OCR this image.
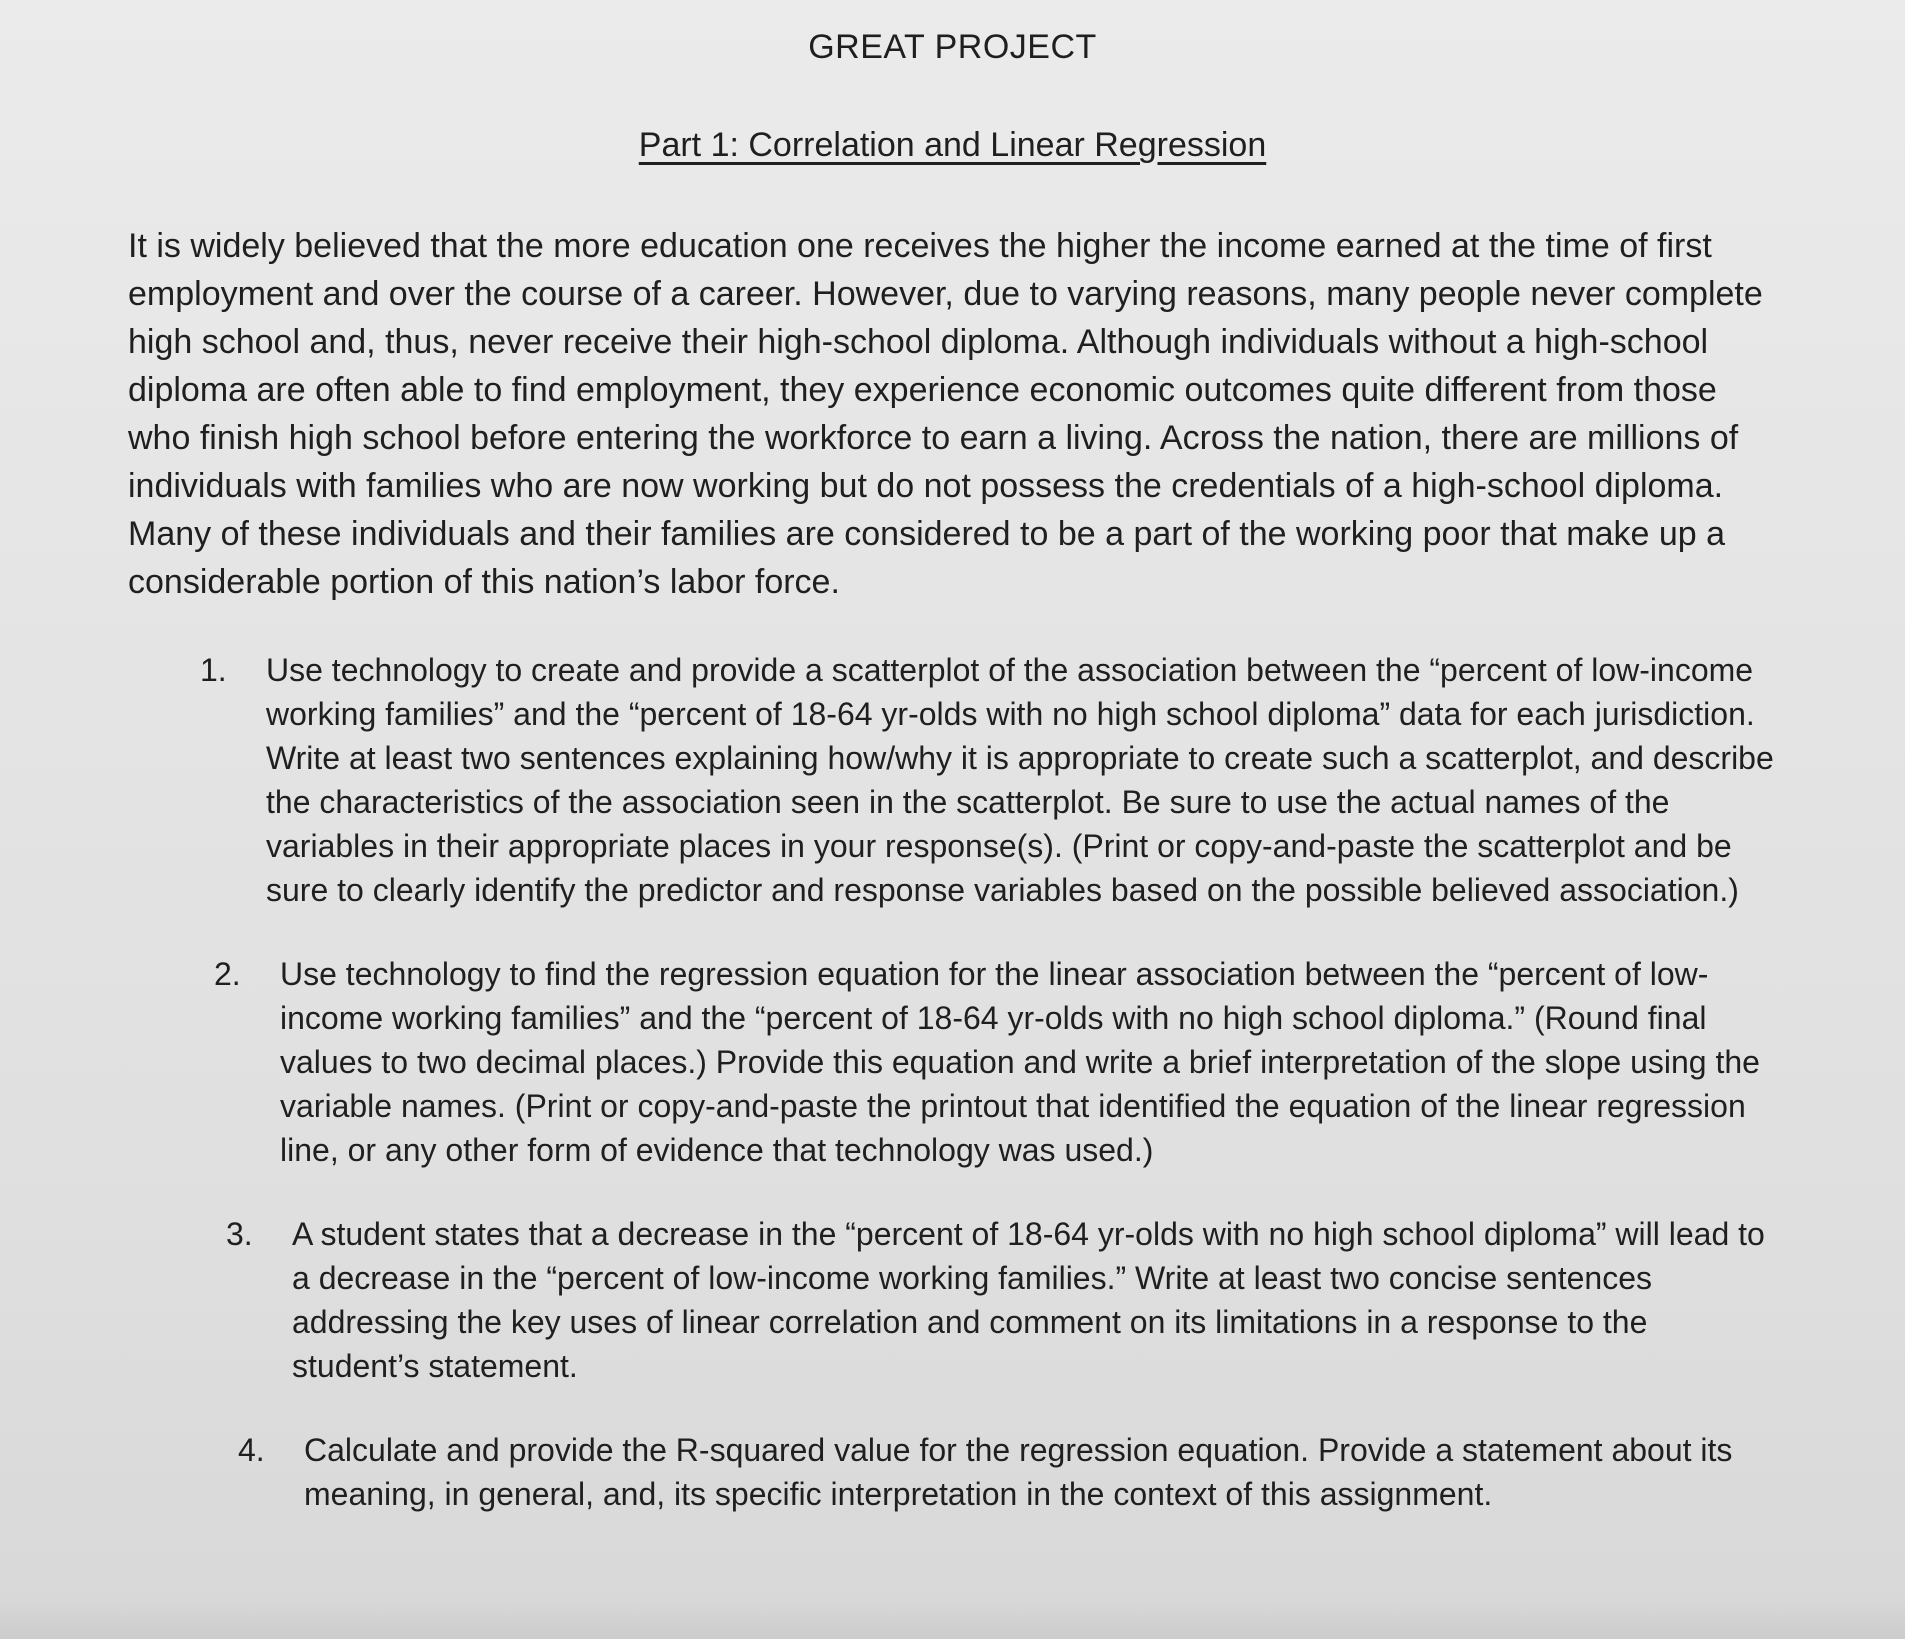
GREAT PROJECT
Part 1: Correlation and Linear Regression

It is widely believed that the more education one receives the higher the income earned at the time of first employment and over the course of a career. However, due to varying reasons, many people never complete high school and, thus, never receive their high-school diploma. Although individuals without a high-school diploma are often able to find employment, they experience economic outcomes quite different from those who finish high school before entering the workforce to earn a living. Across the nation, there are millions of individuals with families who are now working but do not possess the credentials of a high-school diploma. Many of these individuals and their families are considered to be a part of the working poor that make up a considerable portion of this nation’s labor force.

1.	Use technology to create and provide a scatterplot of the association between the “percent of low-income working families” and the “percent of 18-64 yr-olds with no high school diploma” data for each jurisdiction. Write at least two sentences explaining how/why it is appropriate to create such a scatterplot, and describe the characteristics of the association seen in the scatterplot. Be sure to use the actual names of the variables in their appropriate places in your response(s). (Print or copy-and-paste the scatterplot and be sure to clearly identify the predictor and response variables based on the possible believed association.)
2.	Use technology to find the regression equation for the linear association between the “percent of low-income working families” and the “percent of 18-64 yr-olds with no high school diploma.” (Round final values to two decimal places.) Provide this equation and write a brief interpretation of the slope using the variable names. (Print or copy-and-paste the printout that identified the equation of the linear regression line, or any other form of evidence that technology was used.)
3.	A student states that a decrease in the “percent of 18-64 yr-olds with no high school diploma” will lead to a decrease in the “percent of low-income working families.” Write at least two concise sentences addressing the key uses of linear correlation and comment on its limitations in a response to the student’s statement.
4.	Calculate and provide the R-squared value for the regression equation. Provide a statement about its meaning, in general, and, its specific interpretation in the context of this assignment.
